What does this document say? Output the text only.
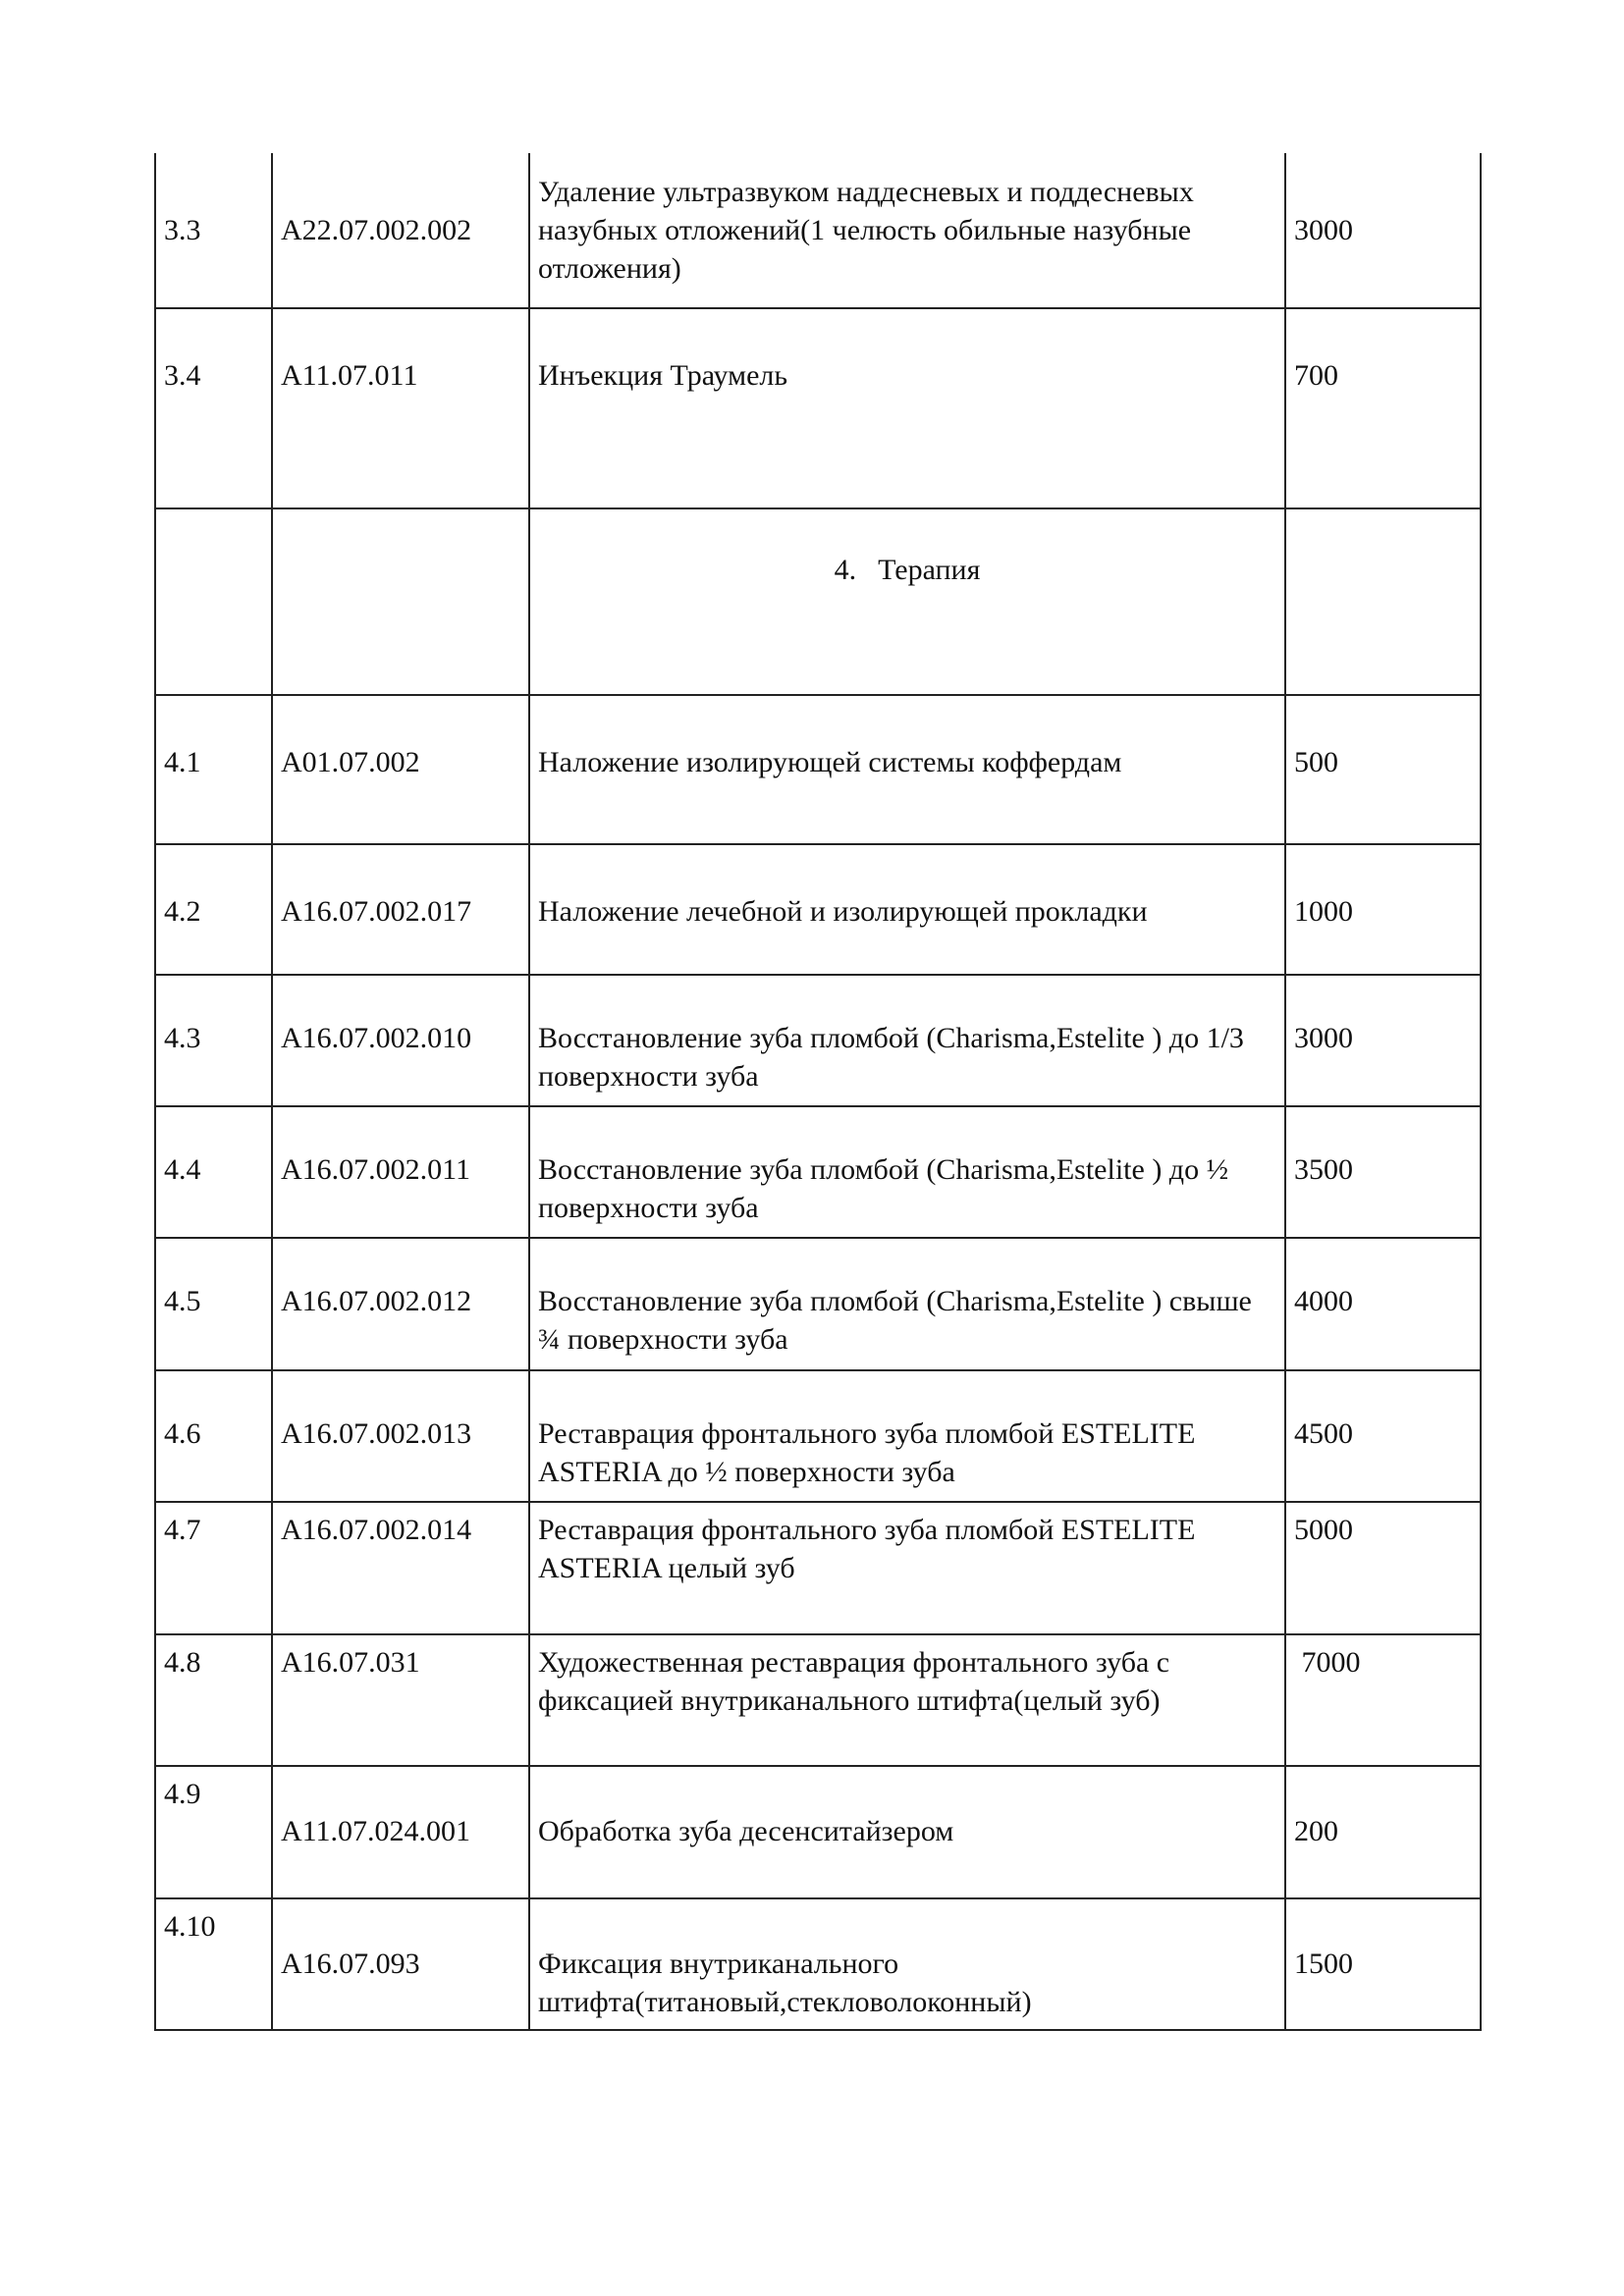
3.3	A22.07.002.002	Удаление ультразвуком наддесневых и поддесневых назубных отложений(1 челюсть обильные назубные отложения)	3000
3.4	A11.07.011	Инъекция Траумель	700
		4. Терапия	
4.1	A01.07.002	Наложение изолирующей системы коффердам	500
4.2	A16.07.002.017	Наложение лечебной и изолирующей прокладки	1000
4.3	A16.07.002.010	Восстановление зуба пломбой (Charisma,Estelite ) до 1/3 поверхности зуба	3000
4.4	A16.07.002.011	Восстановление зуба пломбой (Charisma,Estelite ) до ½ поверхности зуба	3500
4.5	A16.07.002.012	Восстановление зуба пломбой (Charisma,Estelite ) свыше ¾ поверхности зуба	4000
4.6	A16.07.002.013	Реставрация фронтального зуба пломбой ESTELITE ASTERIA до ½ поверхности зуба	4500
4.7	A16.07.002.014	Реставрация фронтального зуба пломбой ESTELITE ASTERIA целый зуб	5000
4.8	A16.07.031	Художественная реставрация фронтального зуба с фиксацией внутриканального штифта(целый зуб)	7000
4.9	A11.07.024.001	Обработка зуба десенситайзером	200
4.10	A16.07.093	Фиксация внутриканального штифта(титановый,стекловолоконный)	1500
